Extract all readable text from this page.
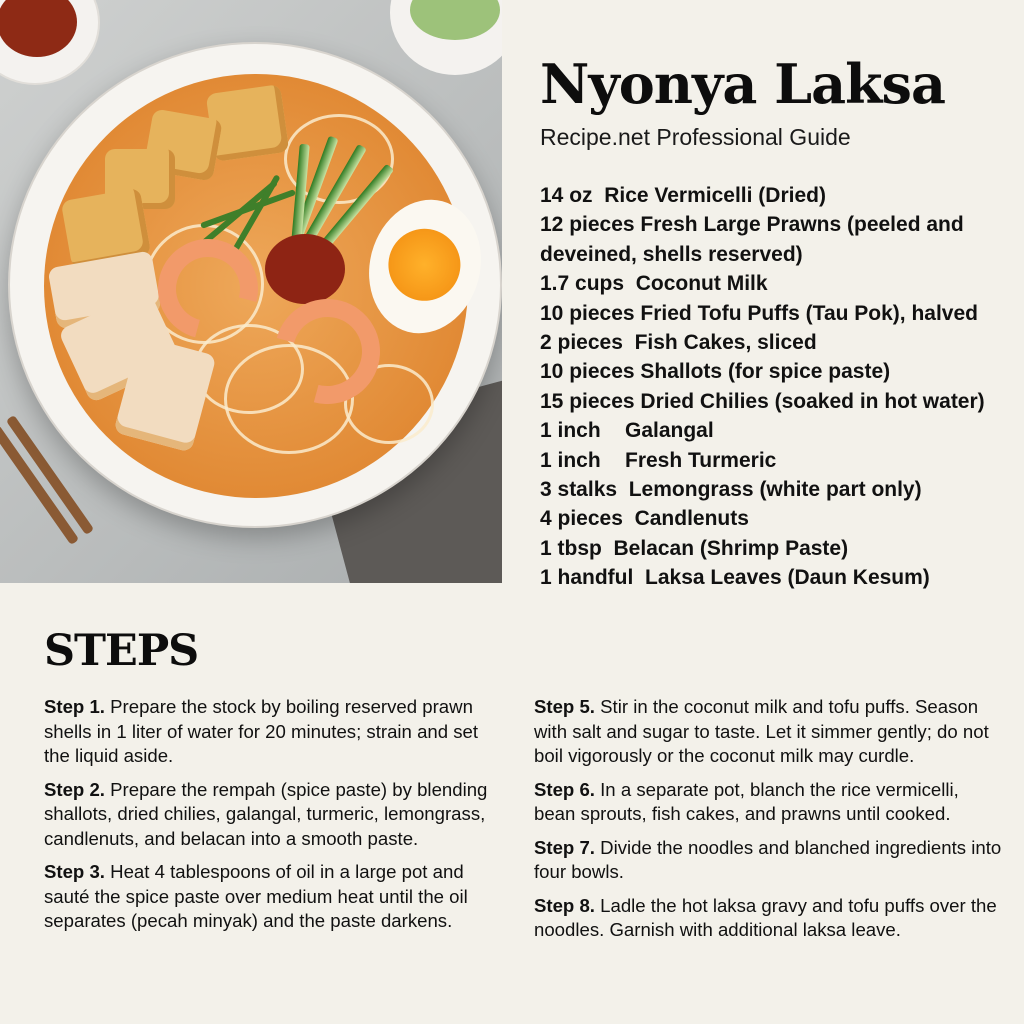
Nyonya Laksa
Recipe.net Professional Guide
14 oz Rice Vermicelli (Dried)
12 pieces Fresh Large Prawns (peeled and deveined, shells reserved)
1.7 cups Coconut Milk
10 pieces Fried Tofu Puffs (Tau Pok), halved
2 pieces Fish Cakes, sliced
10 pieces Shallots (for spice paste)
15 pieces Dried Chilies (soaked in hot water)
1 inch Galangal
1 inch Fresh Turmeric
3 stalks Lemongrass (white part only)
4 pieces Candlenuts
1 tbsp Belacan (Shrimp Paste)
1 handful Laksa Leaves (Daun Kesum)
STEPS

Step 1. Prepare the stock by boiling reserved prawn shells in 1 liter of water for 20 minutes; strain and set the liquid aside.

Step 2. Prepare the rempah (spice paste) by blending shallots, dried chilies, galangal, turmeric, lemongrass, candlenuts, and belacan into a smooth paste.

Step 3. Heat 4 tablespoons of oil in a large pot and sauté the spice paste over medium heat until the oil separates (pecah minyak) and the paste darkens.

Step 5. Stir in the coconut milk and tofu puffs. Season with salt and sugar to taste. Let it simmer gently; do not boil vigorously or the coconut milk may curdle.

Step 6. In a separate pot, blanch the rice vermicelli, bean sprouts, fish cakes, and prawns until cooked.

Step 7. Divide the noodles and blanched ingredients into four bowls.

Step 8. Ladle the hot laksa gravy and tofu puffs over the noodles. Garnish with additional laksa leave.
